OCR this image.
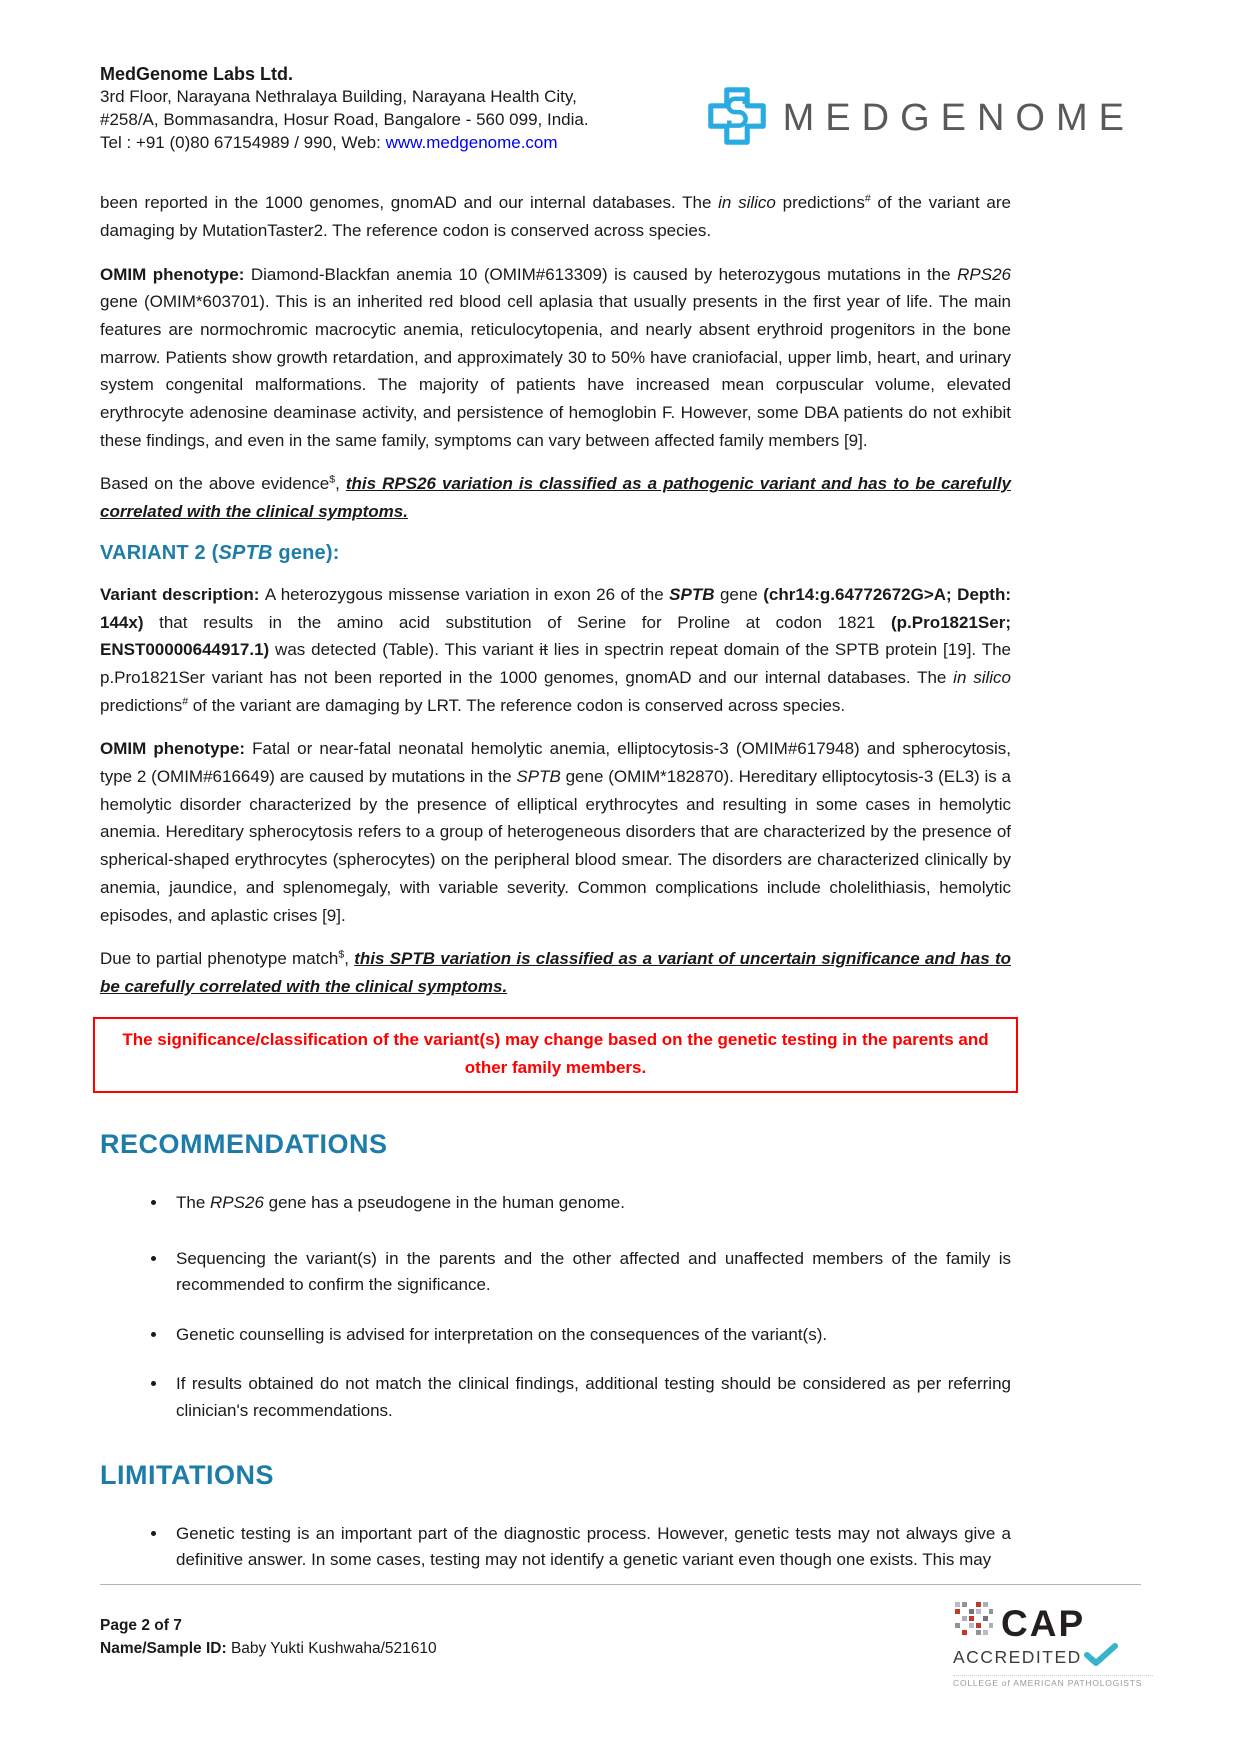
MedGenome Labs Ltd.
3rd Floor, Narayana Nethralaya Building, Narayana Health City,
#258/A, Bommasandra, Hosur Road, Bangalore - 560 099, India.
Tel : +91 (0)80 67154989 / 990, Web: www.medgenome.com
MEDGENOME

been reported in the 1000 genomes, gnomAD and our internal databases. The in silico predictions# of the variant are damaging by MutationTaster2. The reference codon is conserved across species.

OMIM phenotype: Diamond-Blackfan anemia 10 (OMIM#613309) is caused by heterozygous mutations in the RPS26 gene (OMIM*603701). This is an inherited red blood cell aplasia that usually presents in the first year of life. The main features are normochromic macrocytic anemia, reticulocytopenia, and nearly absent erythroid progenitors in the bone marrow. Patients show growth retardation, and approximately 30 to 50% have craniofacial, upper limb, heart, and urinary system congenital malformations. The majority of patients have increased mean corpuscular volume, elevated erythrocyte adenosine deaminase activity, and persistence of hemoglobin F. However, some DBA patients do not exhibit these findings, and even in the same family, symptoms can vary between affected family members [9].

Based on the above evidence$, this RPS26 variation is classified as a pathogenic variant and has to be carefully correlated with the clinical symptoms.

VARIANT 2 (SPTB gene):

Variant description: A heterozygous missense variation in exon 26 of the SPTB gene (chr14:g.64772672G>A; Depth: 144x) that results in the amino acid substitution of Serine for Proline at codon 1821 (p.Pro1821Ser; ENST00000644917.1) was detected (Table). This variant it lies in spectrin repeat domain of the SPTB protein [19]. The p.Pro1821Ser variant has not been reported in the 1000 genomes, gnomAD and our internal databases. The in silico predictions# of the variant are damaging by LRT. The reference codon is conserved across species.

OMIM phenotype: Fatal or near-fatal neonatal hemolytic anemia, elliptocytosis-3 (OMIM#617948) and spherocytosis, type 2 (OMIM#616649) are caused by mutations in the SPTB gene (OMIM*182870). Hereditary elliptocytosis-3 (EL3) is a hemolytic disorder characterized by the presence of elliptical erythrocytes and resulting in some cases in hemolytic anemia. Hereditary spherocytosis refers to a group of heterogeneous disorders that are characterized by the presence of spherical-shaped erythrocytes (spherocytes) on the peripheral blood smear. The disorders are characterized clinically by anemia, jaundice, and splenomegaly, with variable severity. Common complications include cholelithiasis, hemolytic episodes, and aplastic crises [9].

Due to partial phenotype match$, this SPTB variation is classified as a variant of uncertain significance and has to be carefully correlated with the clinical symptoms.

The significance/classification of the variant(s) may change based on the genetic testing in the parents and other family members.

RECOMMENDATIONS
• The RPS26 gene has a pseudogene in the human genome.
• Sequencing the variant(s) in the parents and the other affected and unaffected members of the family is recommended to confirm the significance.
• Genetic counselling is advised for interpretation on the consequences of the variant(s).
• If results obtained do not match the clinical findings, additional testing should be considered as per referring clinician's recommendations.
LIMITATIONS
• Genetic testing is an important part of the diagnostic process. However, genetic tests may not always give a definitive answer. In some cases, testing may not identify a genetic variant even though one exists. This may
Page 2 of 7
Name/Sample ID: Baby Yukti Kushwaha/521610
CAP
ACCREDITED
COLLEGE of AMERICAN PATHOLOGISTS
